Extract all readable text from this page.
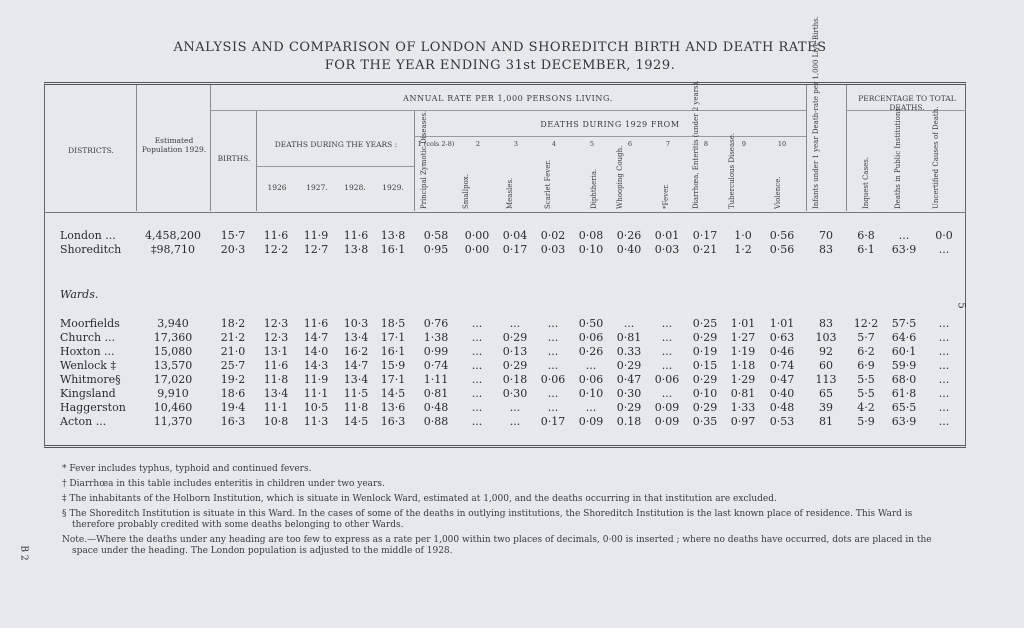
ANALYSIS AND COMPARISON OF LONDON AND SHOREDITCH BIRTH AND DEATH RATES
FOR THE YEAR ENDING 31st DECEMBER, 1929.
DISTRICTS.
Estimated Population 1929.
ANNUAL RATE PER 1,000 PERSONS LIVING.
BIRTHS.
DEATHS DURING THE YEARS :
DEATHS DURING 1929 FROM
PERCENTAGE TO TOTAL DEATHS.
1926	1927.	1928.	1929.
1 (cols 2-8)	2	3	4	5	6	7	8	9	10
Principal Zymotic Diseases.	Smallpox.	Measles.	Scarlet Fever.	Diphtheria.	Whooping Cough.	*Fever.	Diarrhœa, Enteritis (under 2 years).	Tuberculous Disease.	Violence.	Infants under 1 year Death-rate per 1,000 Live-Births.	Inquest Cases.	Deaths in Public Institutions.	Uncertified Causes of Death.
Wards.
London ...	4,458,200	15·7	11·6	11·9	11·6	13·8	0·58	0·00	0·04	0·02	0·08	0·26	0·01	0·17	1·0	0·56	70	6·8	...	0·0
Shoreditch	‡98,710	20·3	12·2	12·7	13·8	16·1	0·95	0·00	0·17	0·03	0·10	0·40	0·03	0·21	1·2	0·56	83	6·1	63·9	...
Moorfields	3,940	18·2	12·3	11·6	10·3	18·5	0·76	...	...	...	0·50	...	...	0·25	1·01	1·01	83	12·2	57·5	...
Church ...	17,360	21·2	12·3	14·7	13·4	17·1	1·38	...	0·29	...	0·06	0·81	...	0·29	1·27	0·63	103	5·7	64·6	...
Hoxton ...	15,080	21·0	13·1	14·0	16·2	16·1	0·99	...	0·13	...	0·26	0.33	...	0·19	1·19	0·46	92	6·2	60·1	...
Wenlock ‡	13,570	25·7	11·6	14·3	14·7	15·9	0·74	...	0·29	...	...	0·29	...	0·15	1·18	0·74	60	6·9	59·9	...
Whitmore§	17,020	19·2	11·8	11·9	13·4	17·1	1·11	...	0·18	0·06	0·06	0·47	0·06	0·29	1·29	0·47	113	5·5	68·0	...
Kingsland	9,910	18·6	13·4	11·1	11·5	14·5	0·81	...	0·30	...	0·10	0·30	...	0·10	0·81	0·40	65	5·5	61·8	...
Haggerston	10,460	19·4	11·1	10·5	11·8	13·6	0·48	...	...	...	...	0·29	0·09	0·29	1·33	0·48	39	4·2	65·5	...
Acton ...	11,370	16·3	10·8	11·3	14·5	16·3	0·88	...	...	0·17	0·09	0.18	0·09	0·35	0·97	0·53	81	5·9	63·9	...
* Fever includes typhus, typhoid and continued fevers.
† Diarrhœa in this table includes enteritis in children under two years.
‡ The inhabitants of the Holborn Institution, which is situate in Wenlock Ward, estimated at 1,000, and the deaths occurring in that institution are excluded.
§ The Shoreditch Institution is situate in this Ward. In the cases of some of the deaths in outlying institutions, the Shoreditch Institution is the last known place of residence. This Ward is therefore probably credited with some deaths belonging to other Wards.
Note.—Where the deaths under any heading are too few to express as a rate per 1,000 within two places of decimals, 0·00 is inserted ; where no deaths have occurred, dots are placed in the space under the heading. The London population is adjusted to the middle of 1928.
5
B 2
